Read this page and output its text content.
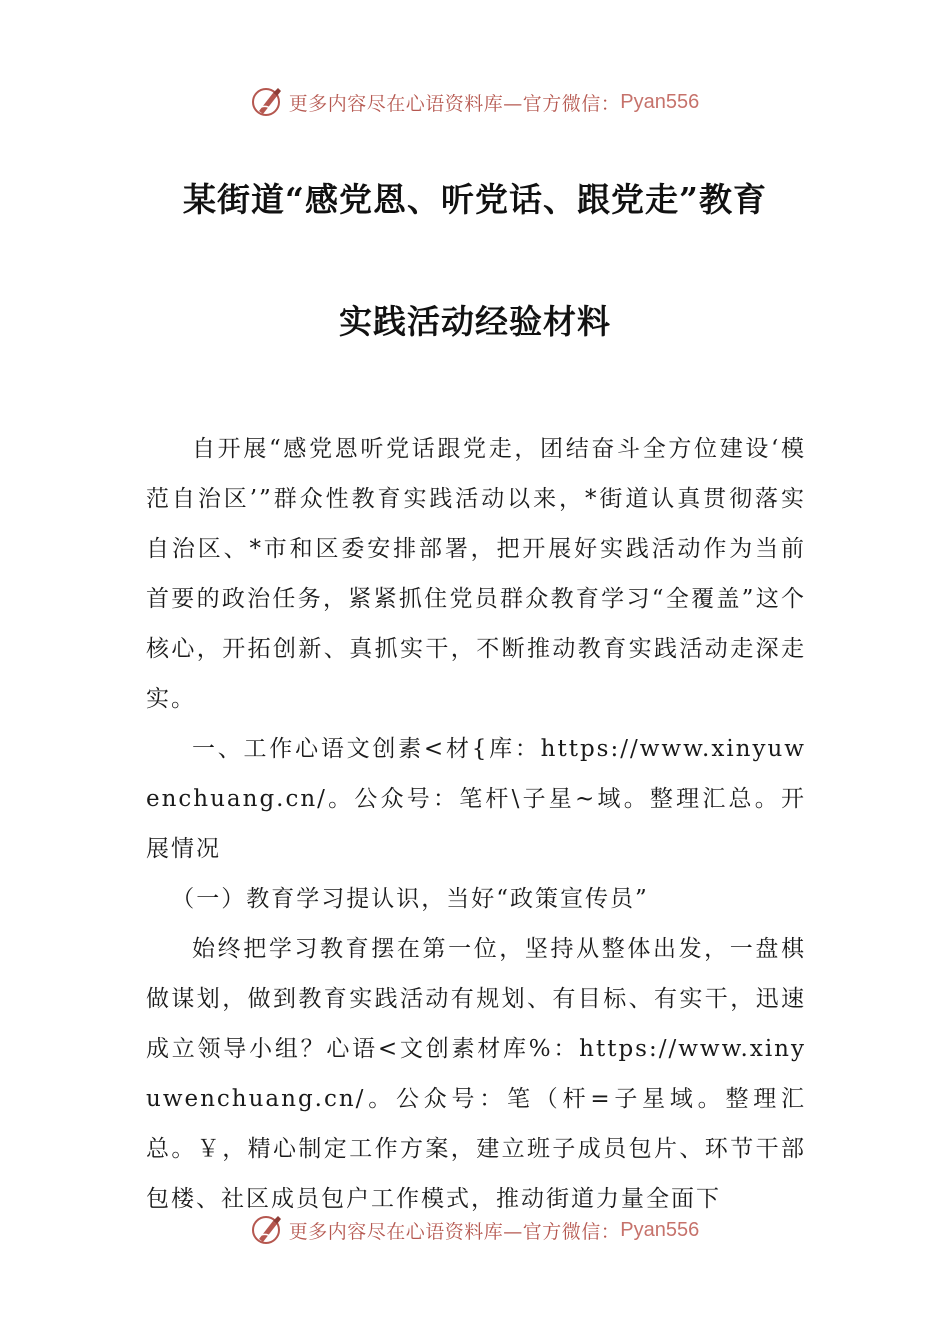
更多内容尽在心语资料库—官方微信： Pyan556
某街道“感党恩、听党话、跟党走”教育
实践活动经验材料

自开展“感党恩听党话跟党走，团结奋斗全方位建设‘模范自治区’”群众性教育实践活动以来，*街道认真贯彻落实自治区、*市和区委安排部署，把开展好实践活动作为当前首要的政治任务，紧紧抓住党员群众教育学习“全覆盖”这个核心，开拓创新、真抓实干，不断推动教育实践活动走深走实。

一、工作心语文创素<材{库：https://www.xinyuwenchuang.cn/。公众号：笔杆\子星~域。整理汇总。开展情况

（一）教育学习提认识，当好“政策宣传员”

始终把学习教育摆在第一位，坚持从整体出发，一盘棋做谋划，做到教育实践活动有规划、有目标、有实干，迅速成立领导小组？心语<文创素材库%：https://www.xinyuwenchuang.cn/。公众号：笔（杆=子星域。整理汇总。￥，精心制定工作方案，建立班子成员包片、环节干部包楼、社区成员包户工作模式，推动街道力量全面下

更多内容尽在心语资料库—官方微信： Pyan556
